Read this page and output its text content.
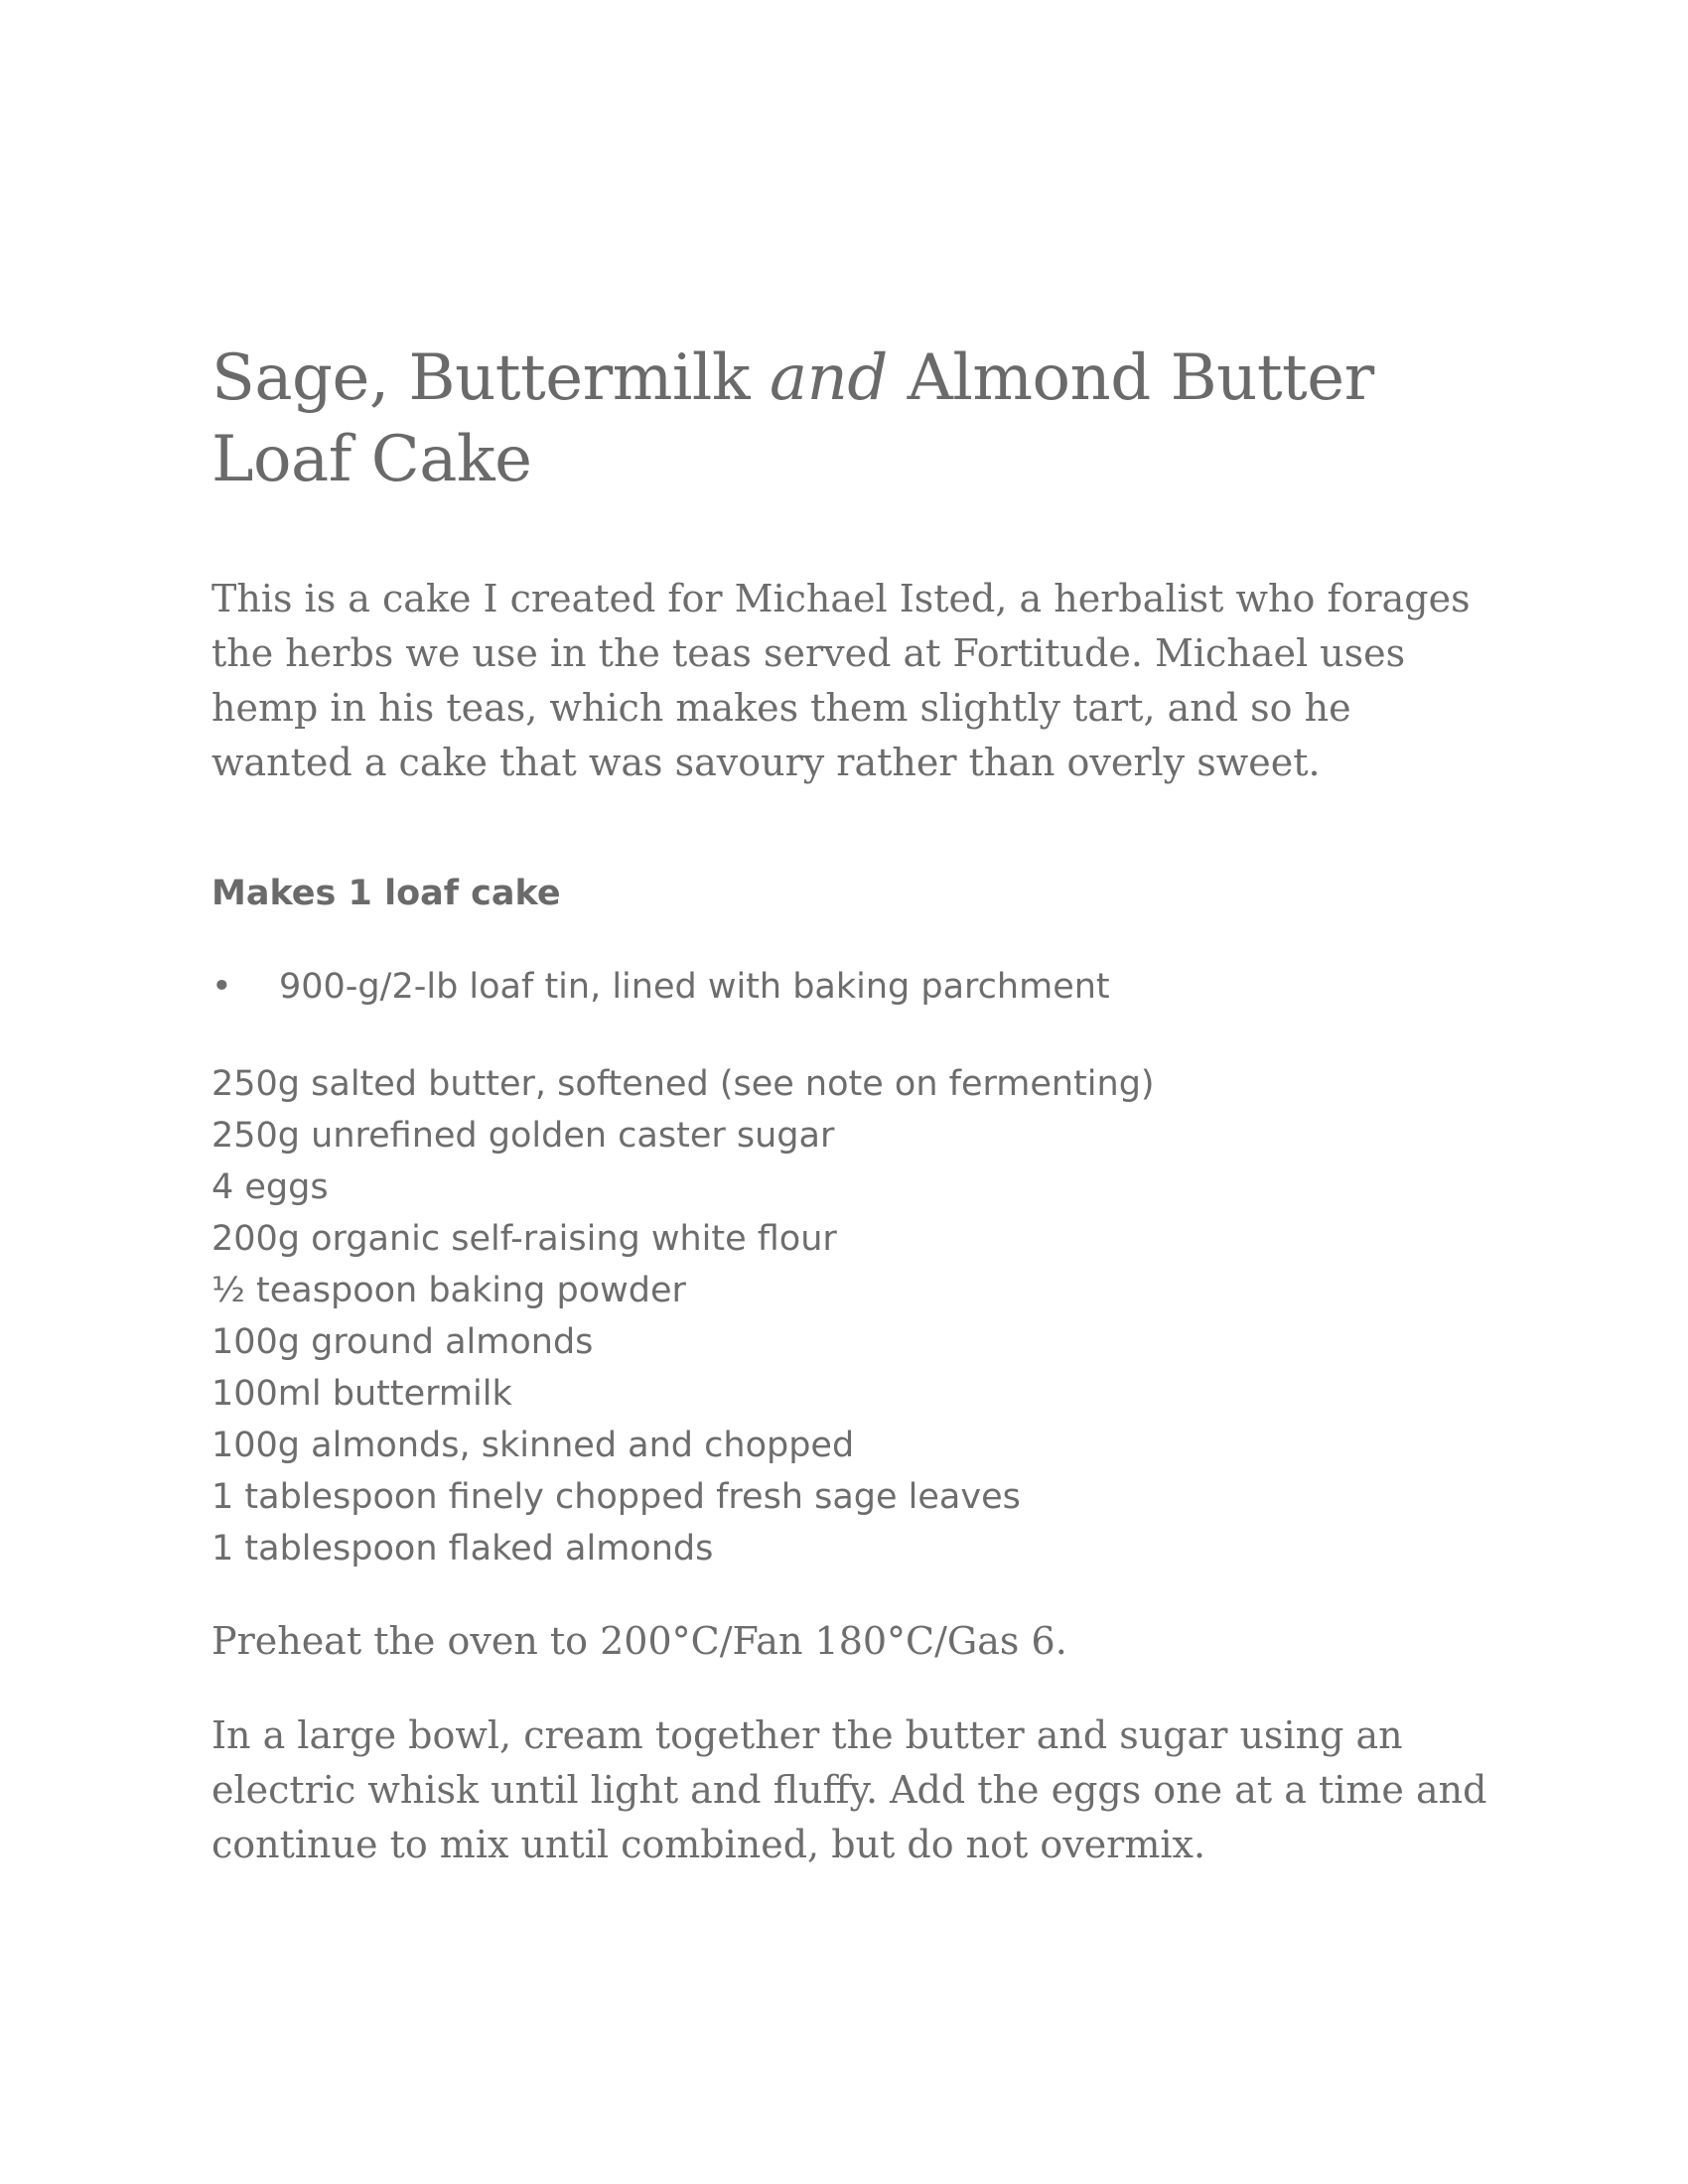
Sage, Buttermilk and Almond Butter Loaf Cake

This is a cake I created for Michael Isted, a herbalist who forages the herbs we use in the teas served at Fortitude. Michael uses hemp in his teas, which makes them slightly tart, and so he wanted a cake that was savoury rather than overly sweet.

Makes 1 loaf cake
• 900-g/2-lb loaf tin, lined with baking parchment
250g salted butter, softened (see note on fermenting)
250g unrefined golden caster sugar
4 eggs
200g organic self-raising white flour
½ teaspoon baking powder
100g ground almonds
100ml buttermilk
100g almonds, skinned and chopped
1 tablespoon finely chopped fresh sage leaves
1 tablespoon flaked almonds

Preheat the oven to 200°C/Fan 180°C/Gas 6.

In a large bowl, cream together the butter and sugar using an electric whisk until light and fluffy. Add the eggs one at a time and continue to mix until combined, but do not overmix.
